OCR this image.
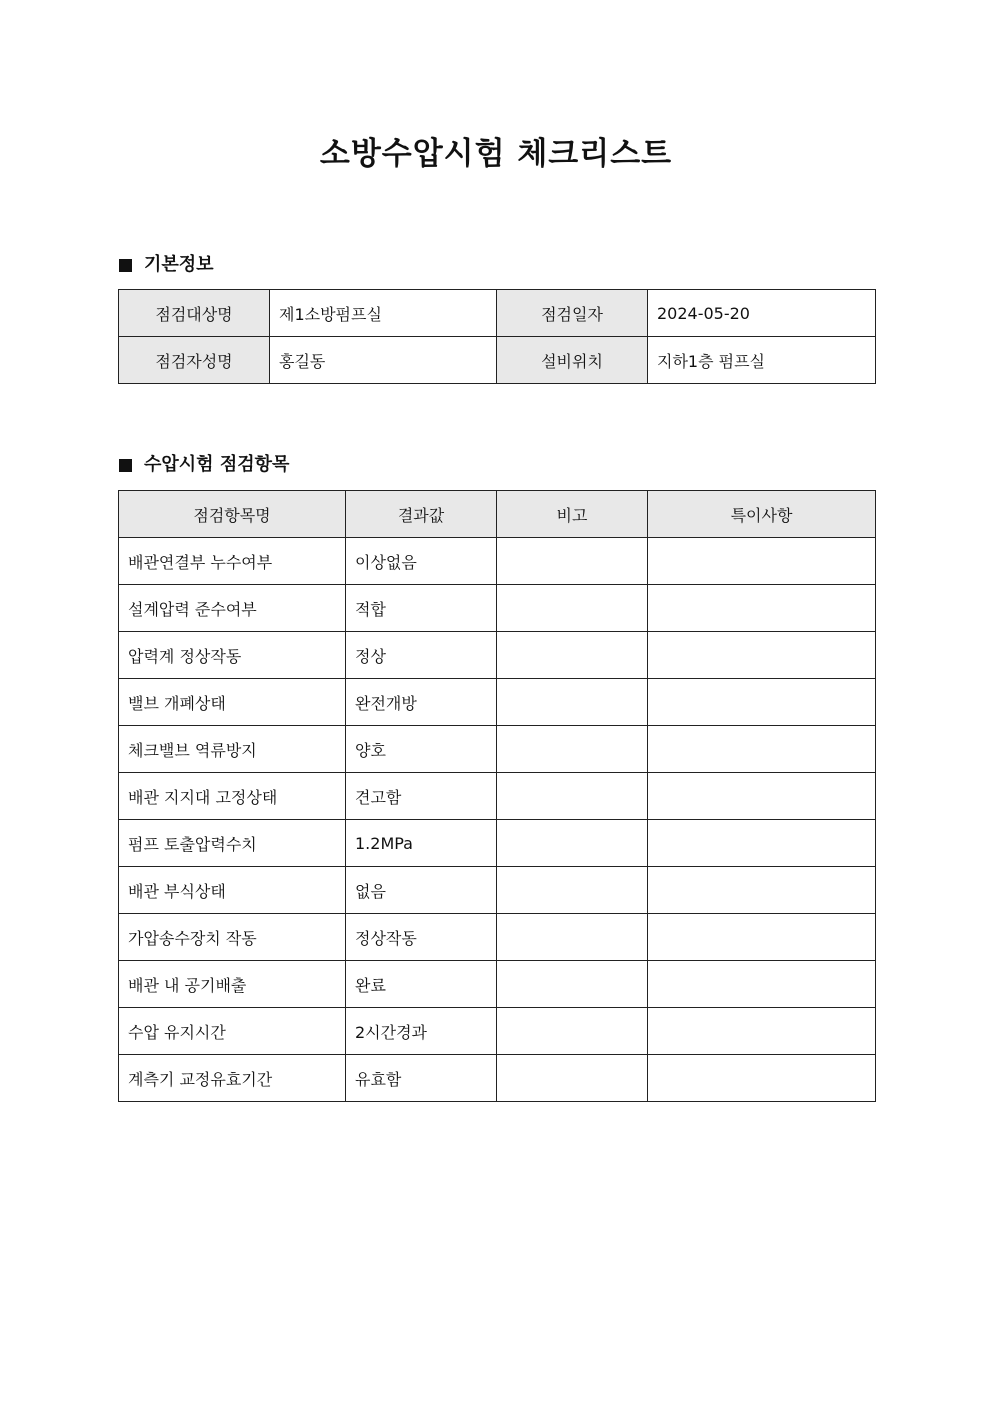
소방수압시험 체크리스트
기본정보
점검대상명	제1소방펌프실	점검일자	2024-05-20
점검자성명	홍길동	설비위치	지하1층 펌프실
수압시험 점검항목
점검항목명	결과값	비고	특이사항
배관연결부 누수여부	이상없음		
설계압력 준수여부	적합		
압력계 정상작동	정상		
밸브 개폐상태	완전개방		
체크밸브 역류방지	양호		
배관 지지대 고정상태	견고함		
펌프 토출압력수치	1.2MPa		
배관 부식상태	없음		
가압송수장치 작동	정상작동		
배관 내 공기배출	완료		
수압 유지시간	2시간경과		
계측기 교정유효기간	유효함		
